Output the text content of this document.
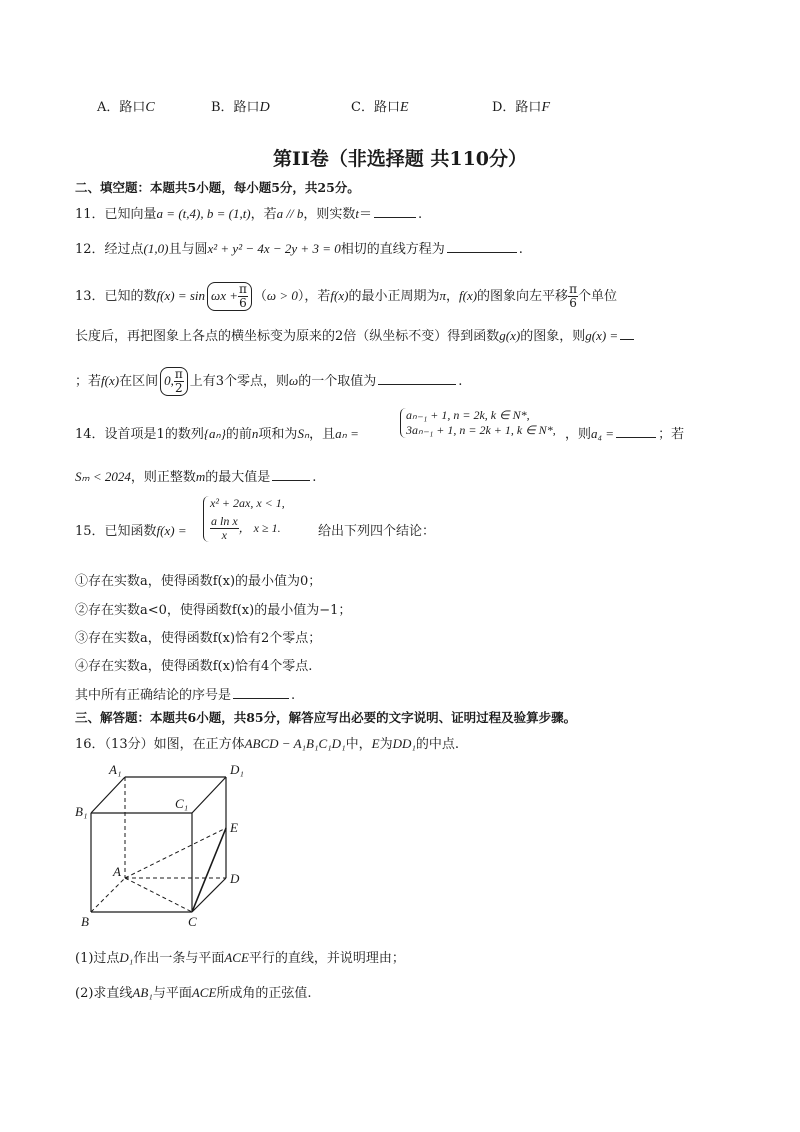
A．路口C	B．路口D	C．路口E	D．路口F
第II卷（非选择题 共110分）
二、填空题：本题共5小题，每小题5分，共25分。
11．已知向量a = (t,4), b = (1,t)，若a // b，则实数t＝	.
12．经过点(1,0)且与圆x² + y² − 4x − 2y + 3 = 0相切的直线方程为	.
13．已知的数$f(x) = \sin \omega x + \frac{\pi}{6} (\omega > 0)$，若f(x)的最小正周期为π，f(x)的图象向左平移 $\frac{\pi}{6}$ 个单位
长度后，再把图象上各点的横坐标变为原来的2倍（纵坐标不变）得到函数g(x)的图象，则g(x) =
；若f(x)在区间 0, $\frac{\pi}{2}$ 上有3个零点，则ω的一个取值为	.
14．设首项是1的数列{aₙ}的前n项和为Sₙ，且aₙ =
aₙ₋₁ + 1, n = 2k, k ∈ N*,
3aₙ₋₁ + 1, n = 2k + 1, k ∈ N*, ，则a₄ =	；若
Sₘ < 2024，则正整数m的最大值是	.
15．已知函数f(x) =
x² + 2ax, x < 1,
$\frac{\text{a ln x}}{x}$ ， x ≥ 1.	给出下列四个结论：
①存在实数a，使得函数f(x)的最小值为0；
②存在实数a<0，使得函数f(x)的最小值为−1；
③存在实数a，使得函数f(x)恰有2个零点；
④存在实数a，使得函数f(x)恰有4个零点.
其中所有正确结论的序号是	.
三、解答题：本题共6小题，共85分，解答应写出必要的文字说明、证明过程及验算步骤。
16．（13分）如图，在正方体ABCD − A₁B₁C₁D₁中，E为DD₁的中点.
A₁	D₁
B₁
C₁
E
A	D
B	C
(1)过点D₁作出一条与平面ACE平行的直线，并说明理由；
(2)求直线AB₁与平面ACE所成角的正弦值.
